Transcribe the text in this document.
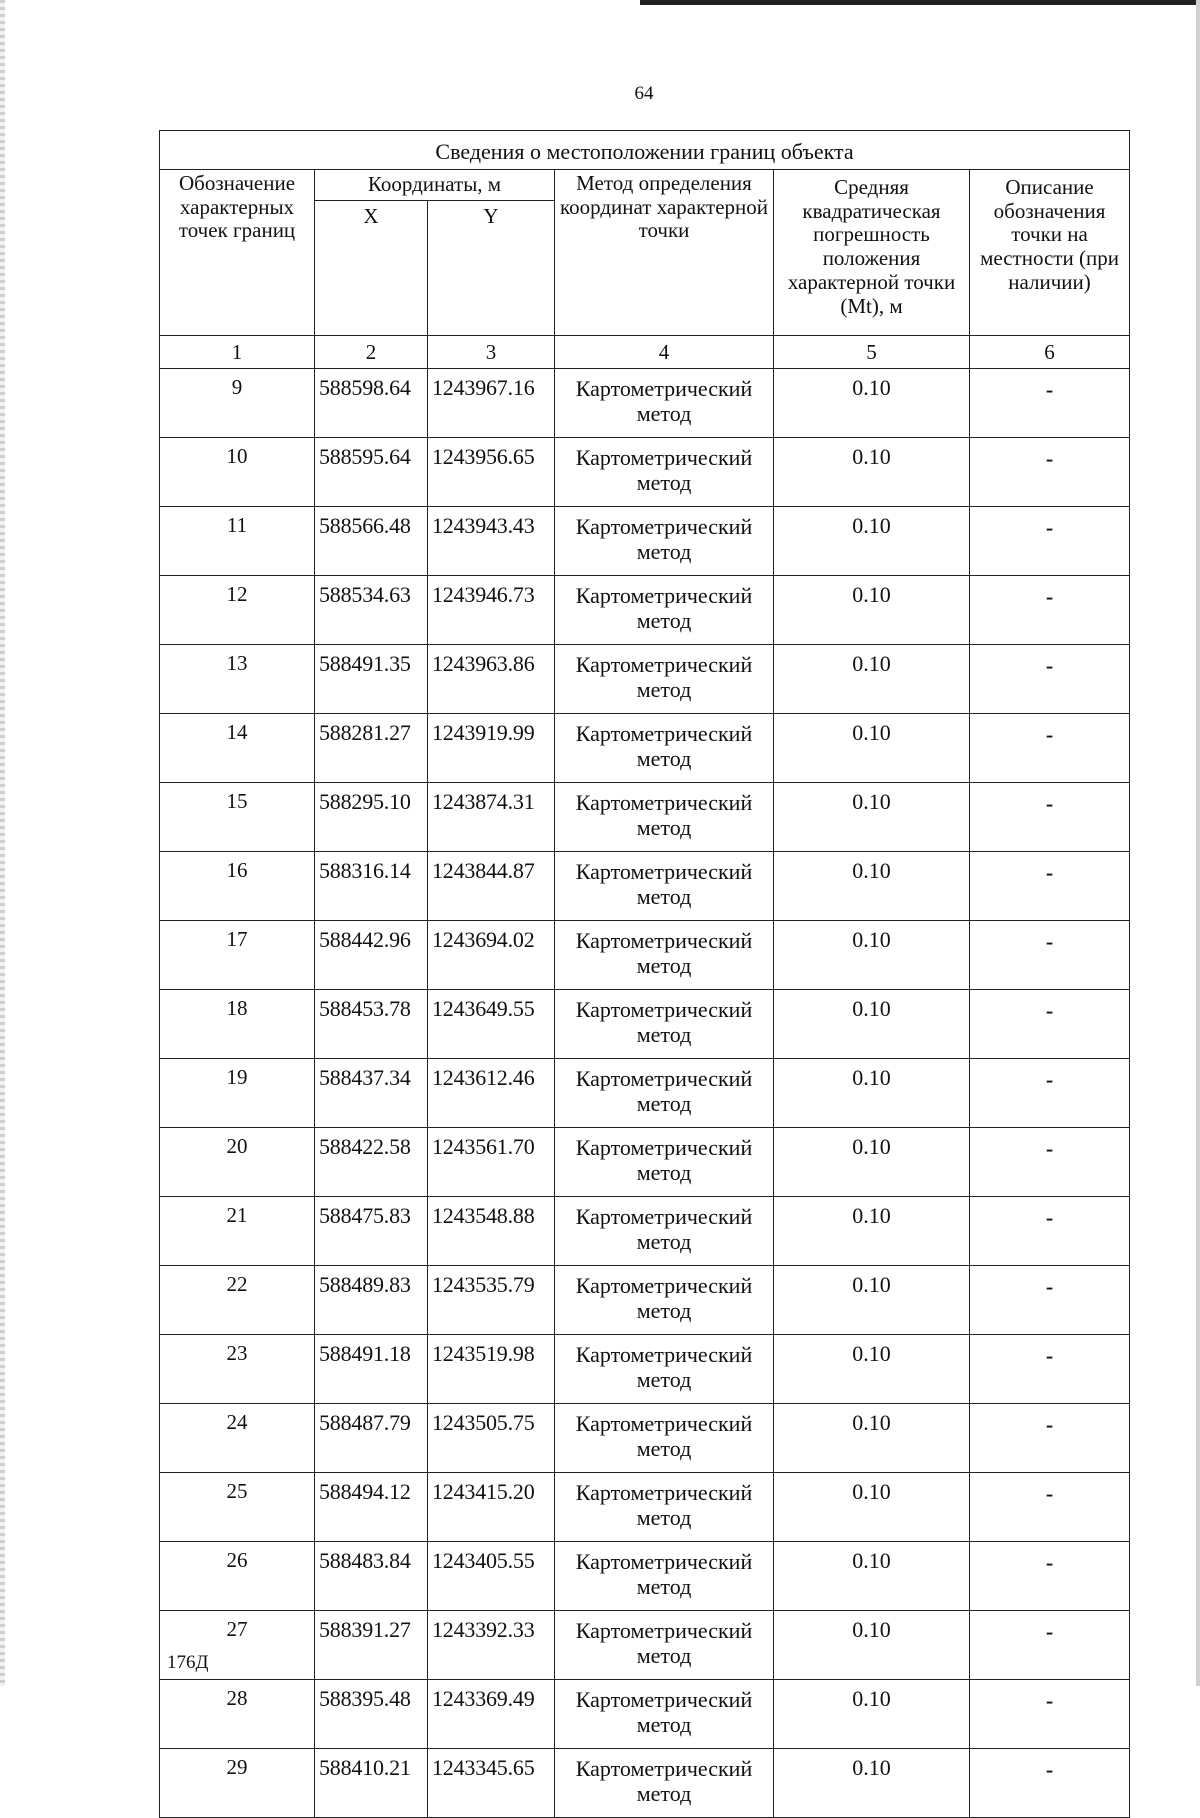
64
Сведения о местоположении границ объекта					
Обозначение характерных точек границ	Координаты, м		Метод определения координат характерной точки	Средняя квадратическая погрешность положения характерной точки (Mt), м	Описание обозначения точки на местности (при наличии)
	X	Y			
1	2	3	4	5	6
9	588598.64	1243967.16	Картометрический метод	0.10	-
10	588595.64	1243956.65	Картометрический метод	0.10	-
11	588566.48	1243943.43	Картометрический метод	0.10	-
12	588534.63	1243946.73	Картометрический метод	0.10	-
13	588491.35	1243963.86	Картометрический метод	0.10	-
14	588281.27	1243919.99	Картометрический метод	0.10	-
15	588295.10	1243874.31	Картометрический метод	0.10	-
16	588316.14	1243844.87	Картометрический метод	0.10	-
17	588442.96	1243694.02	Картометрический метод	0.10	-
18	588453.78	1243649.55	Картометрический метод	0.10	-
19	588437.34	1243612.46	Картометрический метод	0.10	-
20	588422.58	1243561.70	Картометрический метод	0.10	-
21	588475.83	1243548.88	Картометрический метод	0.10	-
22	588489.83	1243535.79	Картометрический метод	0.10	-
23	588491.18	1243519.98	Картометрический метод	0.10	-
24	588487.79	1243505.75	Картометрический метод	0.10	-
25	588494.12	1243415.20	Картометрический метод	0.10	-
26	588483.84	1243405.55	Картометрический метод	0.10	-
27	588391.27	1243392.33	Картометрический метод	0.10	-
28	588395.48	1243369.49	Картометрический метод	0.10	-
29	588410.21	1243345.65	Картометрический метод	0.10	-
176Д
